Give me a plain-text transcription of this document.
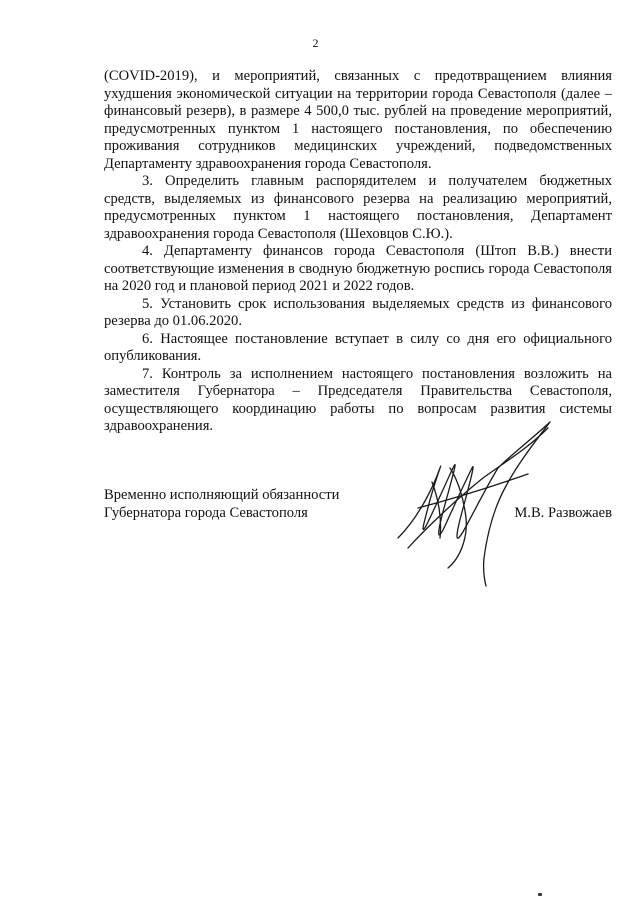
2

(COVID-2019), и мероприятий, связанных с предотвращением влияния ухудшения экономической ситуации на территории города Севастополя (далее – финансовый резерв), в размере 4 500,0 тыс. рублей на проведение мероприятий, предусмотренных пунктом 1 настоящего постановления, по обеспечению проживания сотрудников медицинских учреждений, подведомственных Департаменту здравоохранения города Севастополя.

3. Определить главным распорядителем и получателем бюджетных средств, выделяемых из финансового резерва на реализацию мероприятий, предусмотренных пунктом 1 настоящего постановления, Департамент здравоохранения города Севастополя (Шеховцов С.Ю.).

4. Департаменту финансов города Севастополя (Штоп В.В.) внести соответствующие изменения в сводную бюджетную роспись города Севастополя на 2020 год и плановой период 2021 и 2022 годов.

5. Установить срок использования выделяемых средств из финансового резерва до 01.06.2020.

6. Настоящее постановление вступает в силу со дня его официального опубликования.

7. Контроль за исполнением настоящего постановления возложить на заместителя Губернатора – Председателя Правительства Севастополя, осуществляющего координацию работы по вопросам развития системы здравоохранения.

Временно исполняющий обязанности
Губернатора города Севастополя	М.В. Развожаев
